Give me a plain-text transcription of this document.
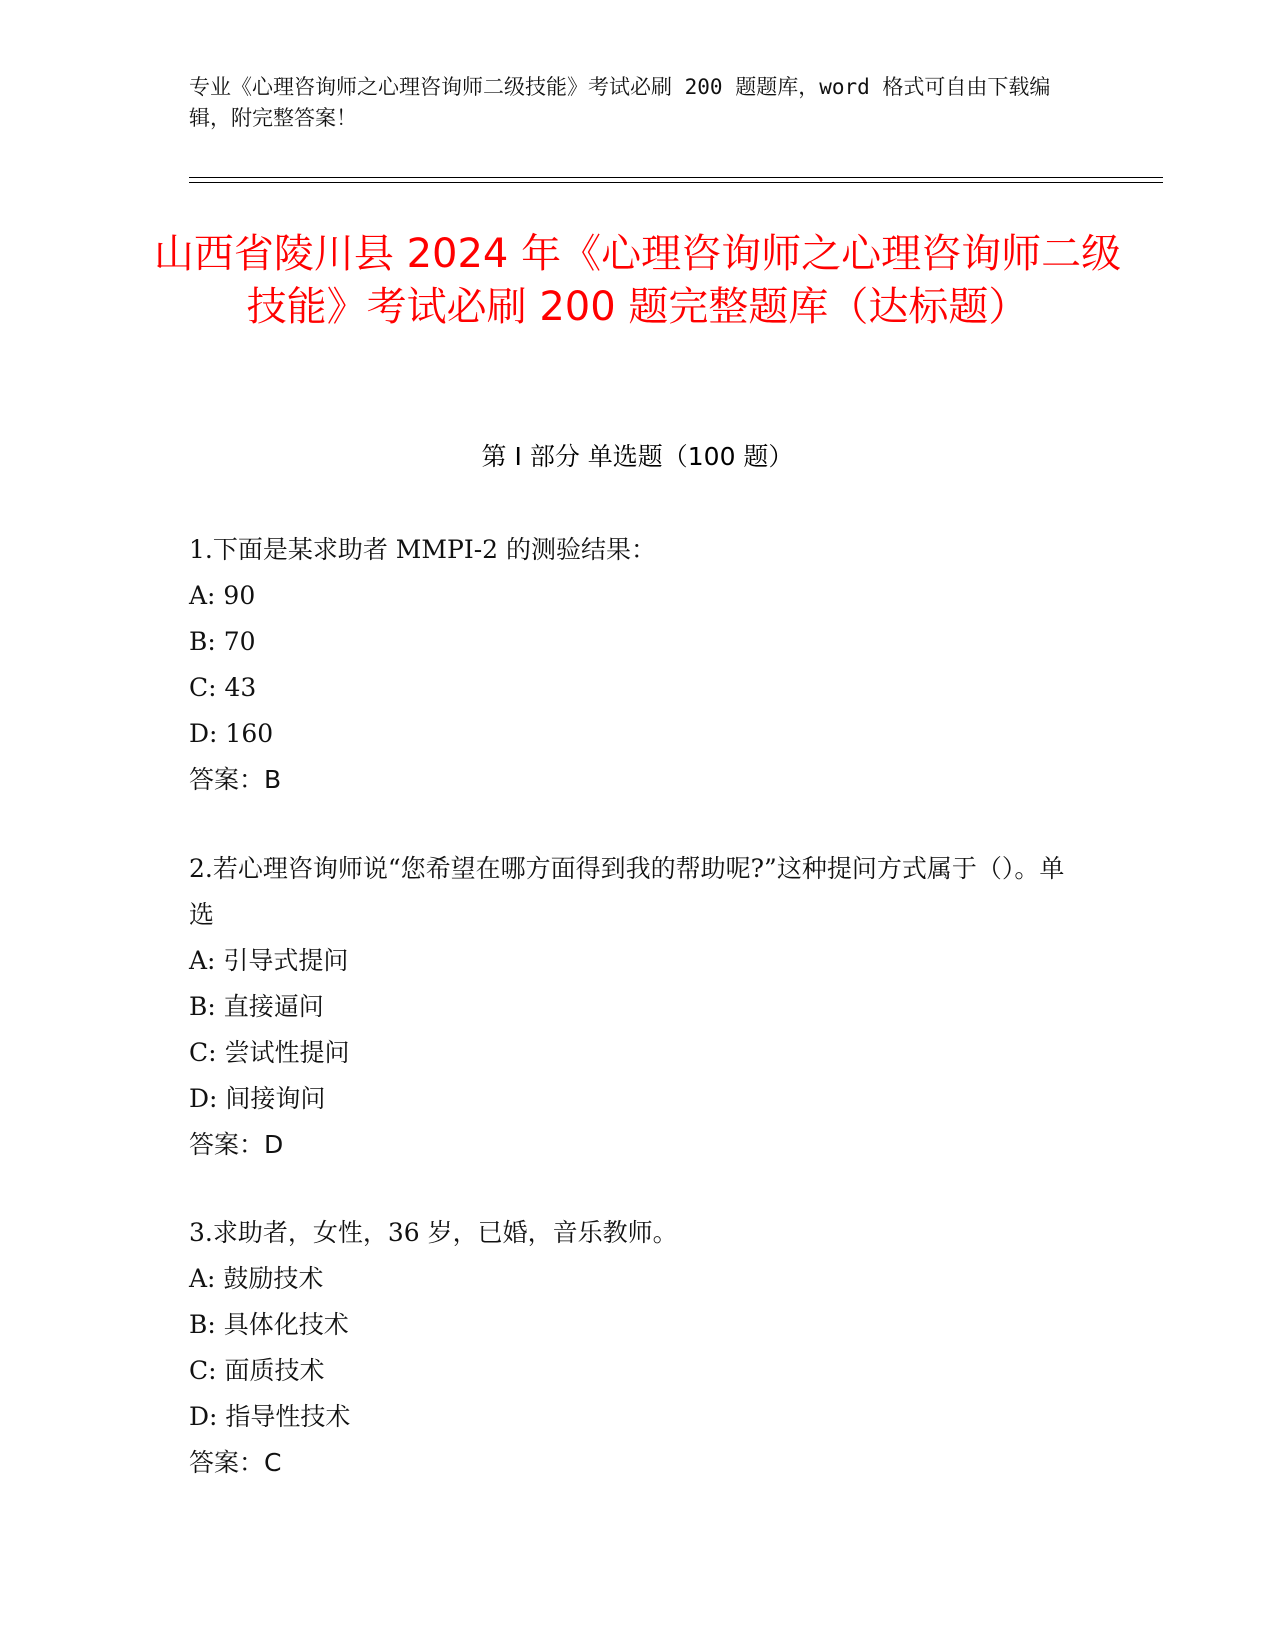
专业《心理咨询师之心理咨询师二级技能》考试必刷 200 题题库，word 格式可自由下载编辑，附完整答案！
山西省陵川县 2024 年《心理咨询师之心理咨询师二级技能》考试必刷 200 题完整题库（达标题）
第 I 部分 单选题（100 题）
1.下面是某求助者 MMPI-2 的测验结果：
A: 90
B: 70
C: 43
D: 160
答案：B
2.若心理咨询师说“您希望在哪方面得到我的帮助呢?”这种提问方式属于（）。单选
A: 引导式提问
B: 直接逼问
C: 尝试性提问
D: 间接询问
答案：D
3.求助者，女性，36 岁，已婚，音乐教师。
A: 鼓励技术
B: 具体化技术
C: 面质技术
D: 指导性技术
答案：C
